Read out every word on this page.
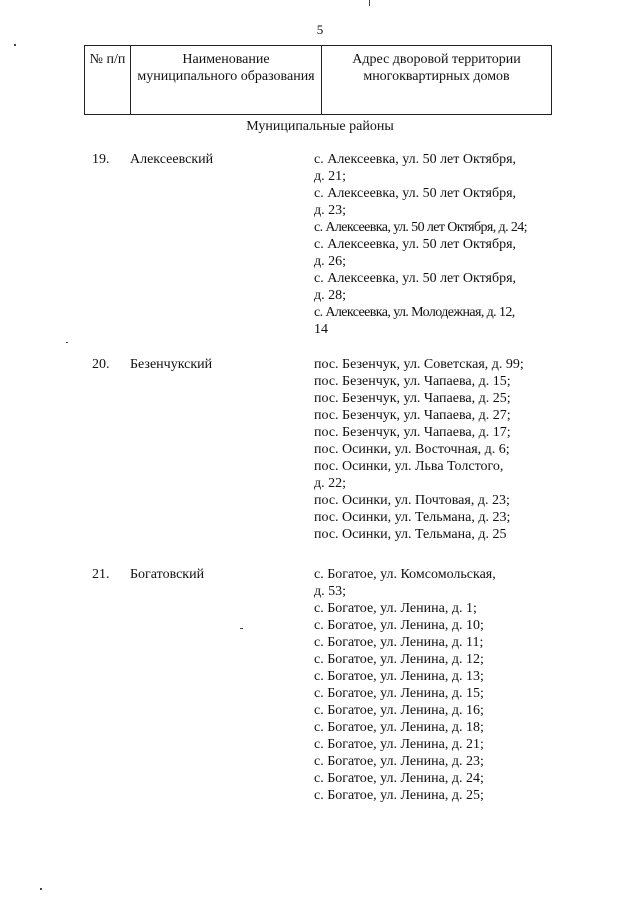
5
№ п/п	Наименование муниципального образования	Адрес дворовой территории многоквартирных домов
Муниципальные районы
19. Алексеевский	с. Алексеевка, ул. 50 лет Октября,
д. 21;
с. Алексеевка, ул. 50 лет Октября,
д. 23;
с. Алексеевка, ул. 50 лет Октября, д. 24;
с. Алексеевка, ул. 50 лет Октября,
д. 26;
с. Алексеевка, ул. 50 лет Октября,
д. 28;
с. Алексеевка, ул. Молодежная, д. 12,
14
20. Безенчукский	пос. Безенчук, ул. Советская, д. 99;
пос. Безенчук, ул. Чапаева, д. 15;
пос. Безенчук, ул. Чапаева, д. 25;
пос. Безенчук, ул. Чапаева, д. 27;
пос. Безенчук, ул. Чапаева, д. 17;
пос. Осинки, ул. Восточная, д. 6;
пос. Осинки, ул. Льва Толстого,
д. 22;
пос. Осинки, ул. Почтовая, д. 23;
пос. Осинки, ул. Тельмана, д. 23;
пос. Осинки, ул. Тельмана, д. 25
21. Богатовский	с. Богатое, ул. Комсомольская,
д. 53;
с. Богатое, ул. Ленина, д. 1;
с. Богатое, ул. Ленина, д. 10;
с. Богатое, ул. Ленина, д. 11;
с. Богатое, ул. Ленина, д. 12;
с. Богатое, ул. Ленина, д. 13;
с. Богатое, ул. Ленина, д. 15;
с. Богатое, ул. Ленина, д. 16;
с. Богатое, ул. Ленина, д. 18;
с. Богатое, ул. Ленина, д. 21;
с. Богатое, ул. Ленина, д. 23;
с. Богатое, ул. Ленина, д. 24;
с. Богатое, ул. Ленина, д. 25;
